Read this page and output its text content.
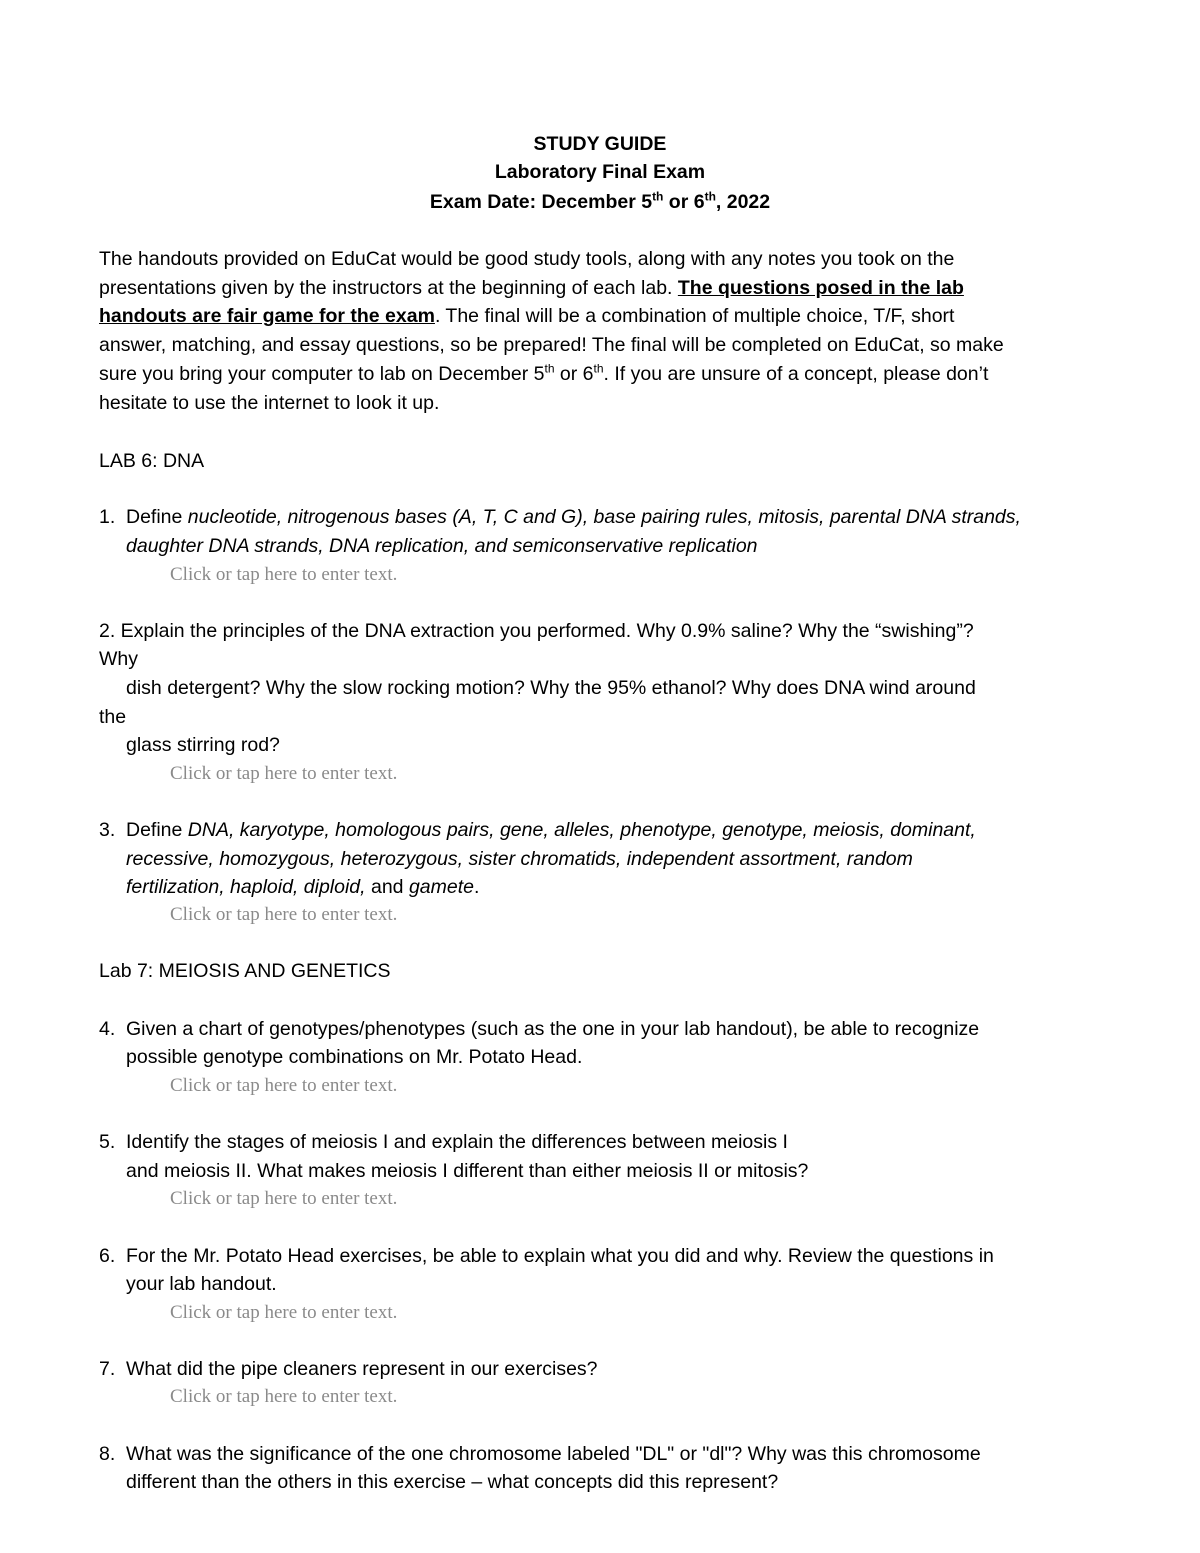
STUDY GUIDE
Laboratory Final Exam
Exam Date: December 5th or 6th, 2022
The handouts provided on EduCat would be good study tools, along with any notes you took on the
presentations given by the instructors at the beginning of each lab. The questions posed in the lab
handouts are fair game for the exam. The final will be a combination of multiple choice, T/F, short
answer, matching, and essay questions, so be prepared! The final will be completed on EduCat, so make
sure you bring your computer to lab on December 5th or 6th. If you are unsure of a concept, please don’t
hesitate to use the internet to look it up.
LAB 6: DNA
1. Define nucleotide, nitrogenous bases (A, T, C and G), base pairing rules, mitosis, parental DNA strands,
daughter DNA strands, DNA replication, and semiconservative replication
Click or tap here to enter text.
2. Explain the principles of the DNA extraction you performed. Why 0.9% saline? Why the “swishing”?
Why
dish detergent? Why the slow rocking motion? Why the 95% ethanol? Why does DNA wind around
the
glass stirring rod?
Click or tap here to enter text.
3. Define DNA, karyotype, homologous pairs, gene, alleles, phenotype, genotype, meiosis, dominant,
recessive, homozygous, heterozygous, sister chromatids, independent assortment, random
fertilization, haploid, diploid, and gamete.
Click or tap here to enter text.
Lab 7: MEIOSIS AND GENETICS
4. Given a chart of genotypes/phenotypes (such as the one in your lab handout), be able to recognize
possible genotype combinations on Mr. Potato Head.
Click or tap here to enter text.
5. Identify the stages of meiosis I and explain the differences between meiosis I
and meiosis II. What makes meiosis I different than either meiosis II or mitosis?
Click or tap here to enter text.
6. For the Mr. Potato Head exercises, be able to explain what you did and why. Review the questions in
your lab handout.
Click or tap here to enter text.
7. What did the pipe cleaners represent in our exercises?
Click or tap here to enter text.
8. What was the significance of the one chromosome labeled "DL" or "dl"? Why was this chromosome
different than the others in this exercise – what concepts did this represent?
